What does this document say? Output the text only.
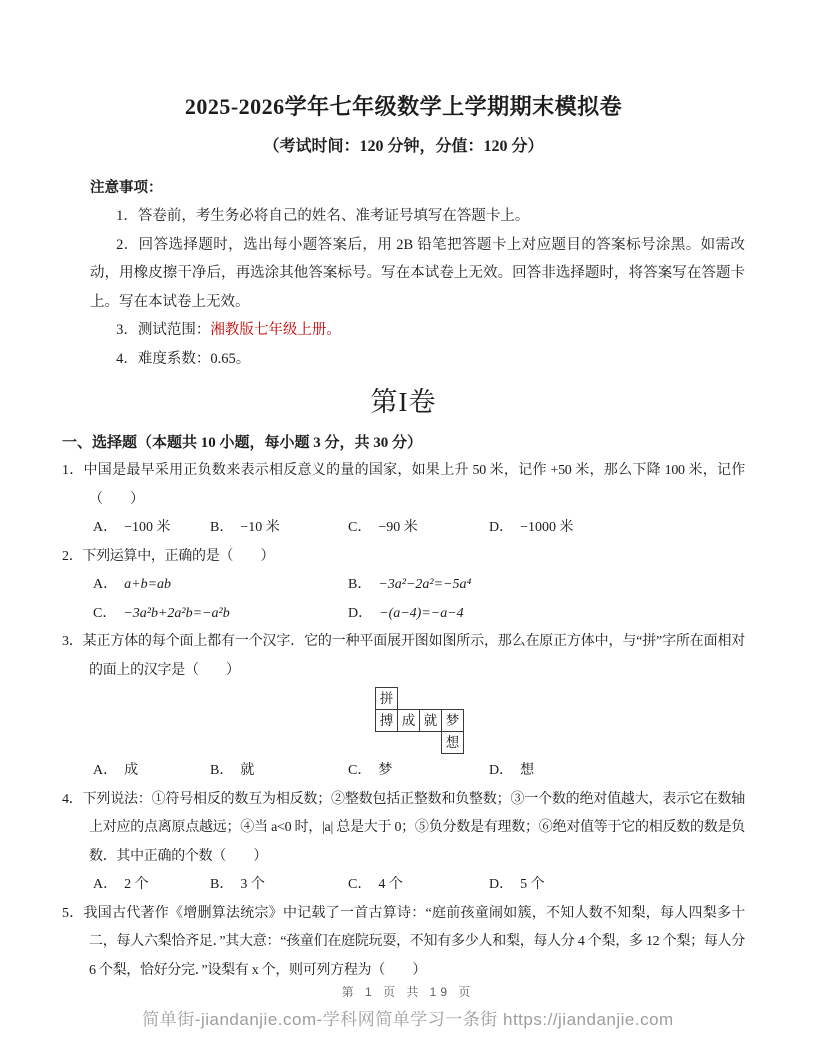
2025-2026学年七年级数学上学期期末模拟卷
（考试时间：120 分钟，分值：120 分）
注意事项：

1．答卷前，考生务必将自己的姓名、准考证号填写在答题卡上。

2．回答选择题时，选出每小题答案后，用 2B 铅笔把答题卡上对应题目的答案标号涂黑。如需改动，用橡皮擦干净后，再选涂其他答案标号。写在本试卷上无效。回答非选择题时，将答案写在答题卡上。写在本试卷上无效。

3．测试范围：湘教版七年级上册。

4．难度系数：0.65。

第I卷
一、选择题（本题共 10 小题，每小题 3 分，共 30 分）

1．中国是最早采用正负数来表示相反意义的量的国家，如果上升 50 米，记作 +50 米，那么下降 100 米，记作（　　）

A． −100 米	B． −10 米	C． −90 米	D． −1000 米

2．下列运算中，正确的是（　　）

A． a+b=ab	B． −3a²−2a²=−5a⁴
C． −3a²b+2a²b=−a²b	D． −(a−4)=−a−4

3．某正方体的每个面上都有一个汉字．它的一种平面展开图如图所示，那么在原正方体中，与“拼”字所在面相对的面上的汉字是（　　）

拼
搏 成 就 梦
想
A． 成	B． 就	C． 梦	D． 想

4．下列说法：①符号相反的数互为相反数；②整数包括正整数和负整数；③一个数的绝对值越大，表示它在数轴上对应的点离原点越远；④当 a<0 时，|a| 总是大于 0；⑤负分数是有理数；⑥绝对值等于它的相反数的数是负数．其中正确的个数（　　）

A． 2 个	B． 3 个	C． 4 个	D． 5 个

5．我国古代著作《增删算法统宗》中记载了一首古算诗：“庭前孩童闹如簇，不知人数不知梨，每人四梨多十二，每人六梨恰齐足．”其大意：“孩童们在庭院玩耍，不知有多少人和梨，每人分 4 个梨，多 12 个梨；每人分 6 个梨，恰好分完．”设梨有 x 个，则可列方程为（　　）

第 1 页 共 19 页
简单街-jiandanjie.com-学科网简单学习一条街 https://jiandanjie.com
